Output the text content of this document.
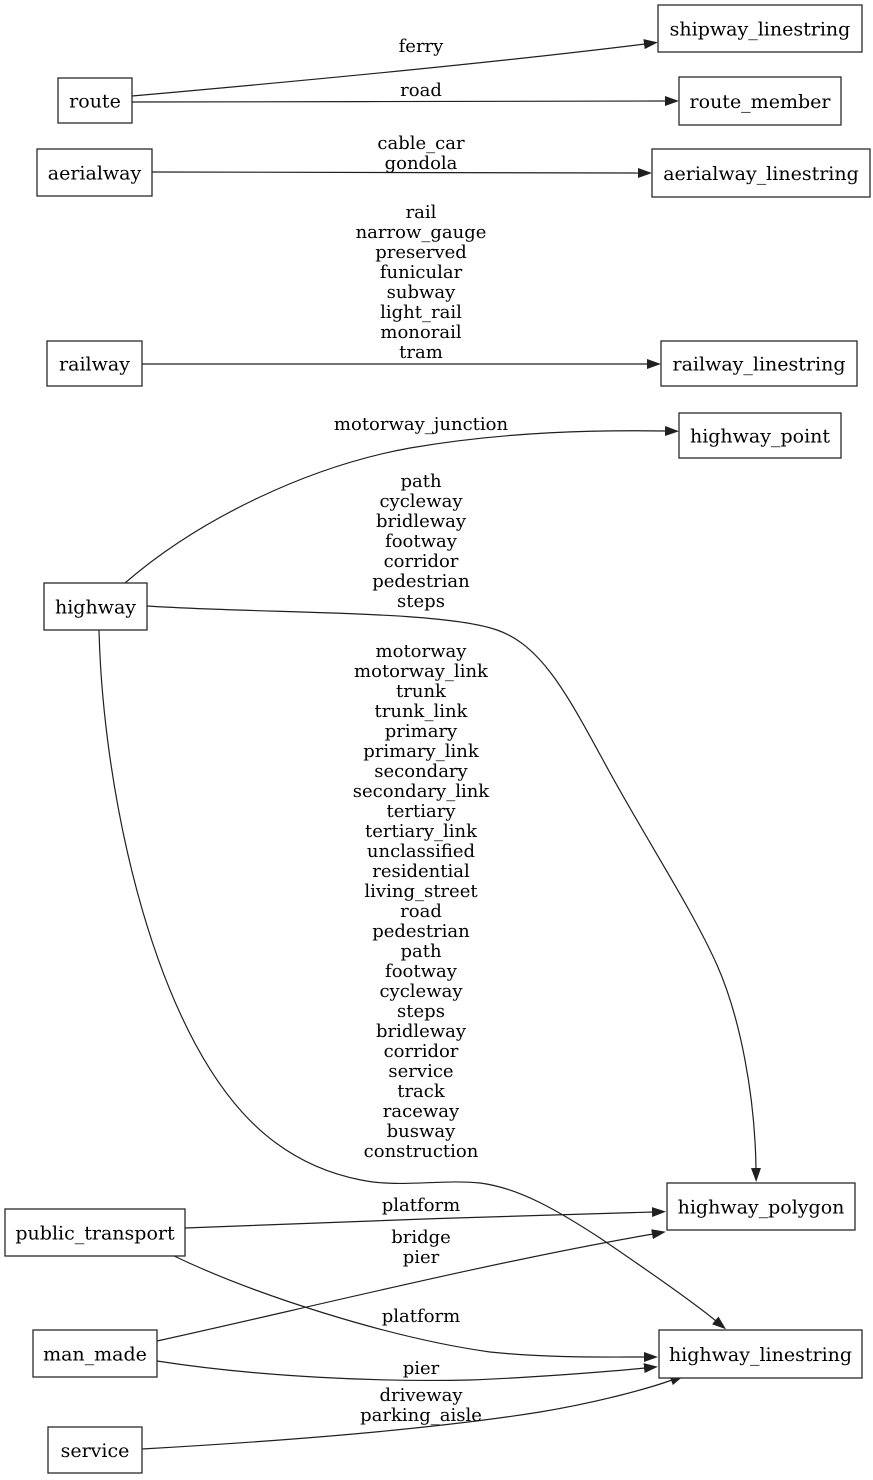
route
shipway_linestring
route_member
aerialway	aerialway_linestring
railway	railway_linestring
highway_point
highway
highway_polygon
public_transport
man_made	highway_linestring
service
ferry
road
cable_car gondola
rail narrow_gauge preserved funicular subway light_rail monorail tram
motorway_junction
path cycleway bridleway footway corridor pedestrian steps
motorway motorway_link trunk trunk_link primary primary_link secondary secondary_link tertiary tertiary_link unclassified residential living_street road pedestrian path footway cycleway steps bridleway corridor service track raceway busway construction
platform
bridge pier
platform
pier
driveway parking_aisle
